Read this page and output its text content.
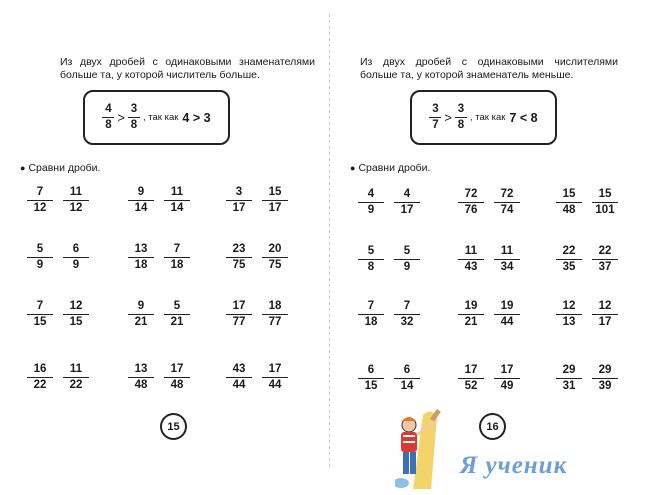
Из двух дробей с одинаковыми знаменателями больше та, у которой числитель больше.
$\frac{4}{8} > \frac{3}{8}$ , так как 4 > 3
● Сравни дроби.
7
12
11
12
9
14
11
14
3
17
15
17
5
9
6
9
13
18
7
18
23
75
20
75
7
15
12
15
9
21
5
21
17
77
18
77
16
22
11
22
13
48
17
48
43
44
17
44
15
Из двух дробей с одинаковыми числителями больше та, у которой знаменатель меньше.
$\frac{3}{7} > \frac{3}{8}$ , так как 7 < 8
● Сравни дроби.
4
9
4
17
72
76
72
74
15
48
15
101
5
8
5
9
11
43
11
34
22
35
22
37
7
18
7
32
19
21
19
44
12
13
12
17
6
15
6
14
17
52
17
49
29
31
29
39
16
Я ученик
